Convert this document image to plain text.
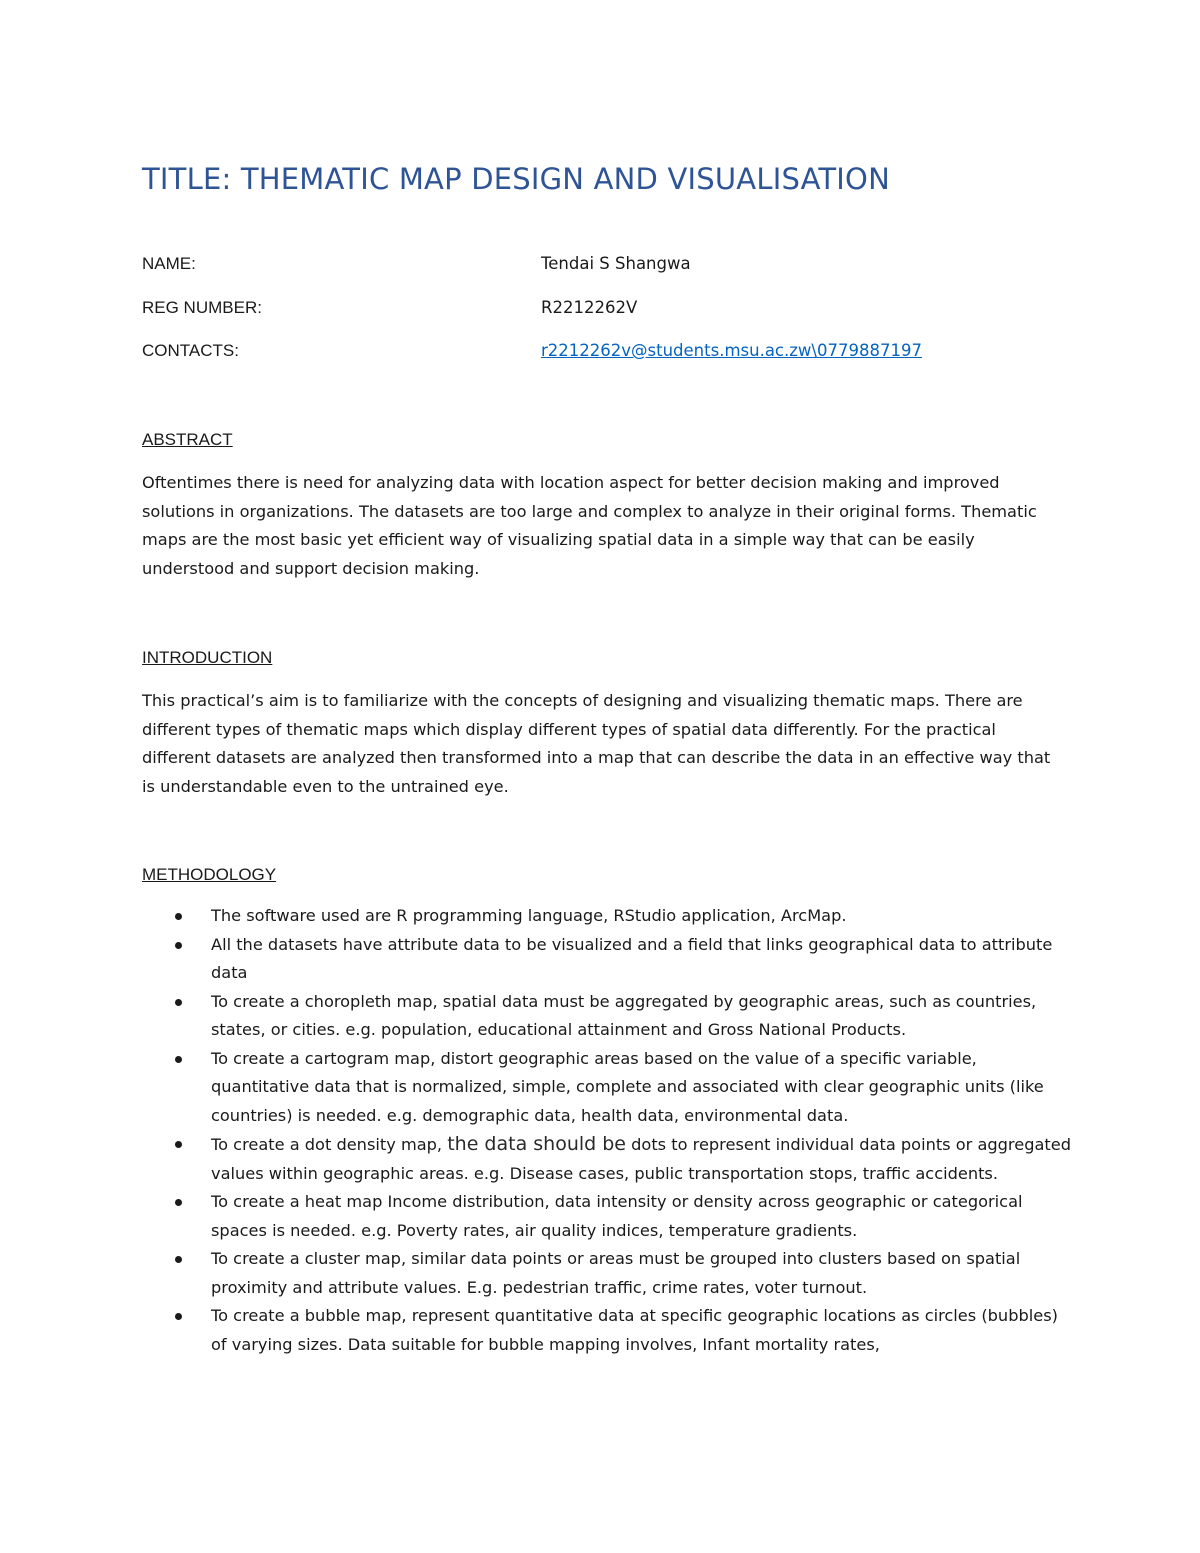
TITLE: THEMATIC MAP DESIGN AND VISUALISATION
NAME:	Tendai S Shangwa
REG NUMBER:	R2212262V
CONTACTS:	r2212262v@students.msu.ac.zw\0779887197
ABSTRACT

Oftentimes there is need for analyzing data with location aspect for better decision making and improved solutions in organizations. The datasets are too large and complex to analyze in their original forms. Thematic maps are the most basic yet efficient way of visualizing spatial data in a simple way that can be easily understood and support decision making.

INTRODUCTION

This practical’s aim is to familiarize with the concepts of designing and visualizing thematic maps. There are different types of thematic maps which display different types of spatial data differently. For the practical different datasets are analyzed then transformed into a map that can describe the data in an effective way that is understandable even to the untrained eye.

METHODOLOGY
The software used are R programming language, RStudio application, ArcMap.
All the datasets have attribute data to be visualized and a field that links geographical data to attribute data
To create a choropleth map, spatial data must be aggregated by geographic areas, such as countries, states, or cities. e.g. population, educational attainment and Gross National Products.
To create a cartogram map, distort geographic areas based on the value of a specific variable, quantitative data that is normalized, simple, complete and associated with clear geographic units (like countries) is needed. e.g. demographic data, health data, environmental data.
To create a dot density map, the data should be dots to represent individual data points or aggregated values within geographic areas. e.g. Disease cases, public transportation stops, traffic accidents.
To create a heat map Income distribution, data intensity or density across geographic or categorical spaces is needed. e.g. Poverty rates, air quality indices, temperature gradients.
To create a cluster map, similar data points or areas must be grouped into clusters based on spatial proximity and attribute values. E.g. pedestrian traffic, crime rates, voter turnout.
To create a bubble map, represent quantitative data at specific geographic locations as circles (bubbles) of varying sizes. Data suitable for bubble mapping involves, Infant mortality rates,
